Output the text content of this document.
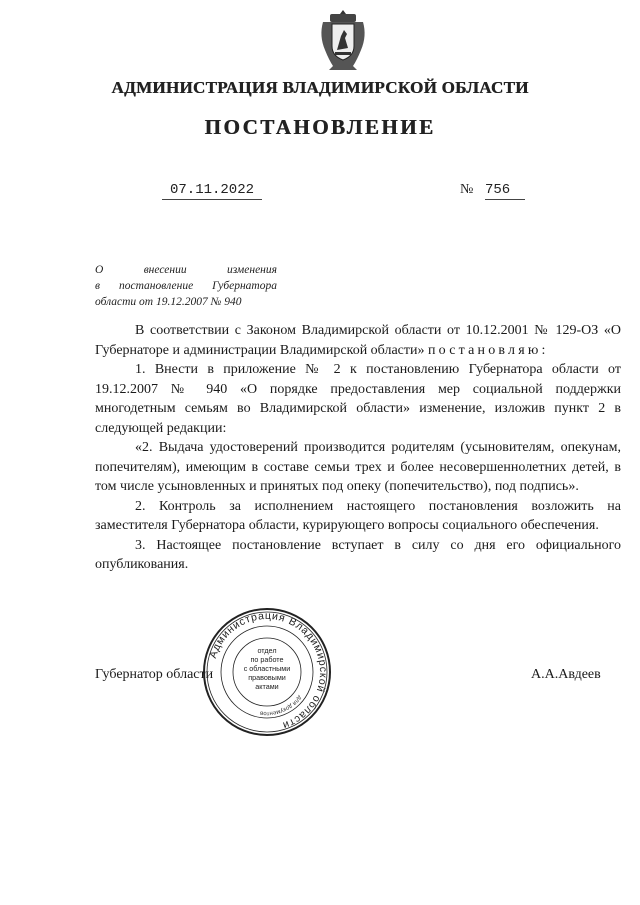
АДМИНИСТРАЦИЯ ВЛАДИМИРСКОЙ ОБЛАСТИ
ПОСТАНОВЛЕНИЕ
07.11.2022	№ 756
О внесении изменения
в постановление Губернатора
области от 19.12.2007 № 940

В соответствии с Законом Владимирской области от 10.12.2001 № 129-ОЗ «О Губернаторе и администрации Владимирской области» постановляю:

1. Внести в приложение № 2 к постановлению Губернатора области от 19.12.2007 № 940 «О порядке предоставления мер социальной поддержки многодетным семьям во Владимирской области» изменение, изложив пункт 2 в следующей редакции:

«2. Выдача удостоверений производится родителям (усыновителям, опекунам, попечителям), имеющим в составе семьи трех и более несовершеннолетних детей, в том числе усыновленных и принятых под опеку (попечительство), под подпись».

2. Контроль за исполнением настоящего постановления возложить на заместителя Губернатора области, курирующего вопросы социального обеспечения.

3. Настоящее постановление вступает в силу со дня его официального опубликования.

Губернатор области	А.А.Авдеев
Администрация Владимирской области
для документов
отдел
по работе
с областными
правовыми
актами
